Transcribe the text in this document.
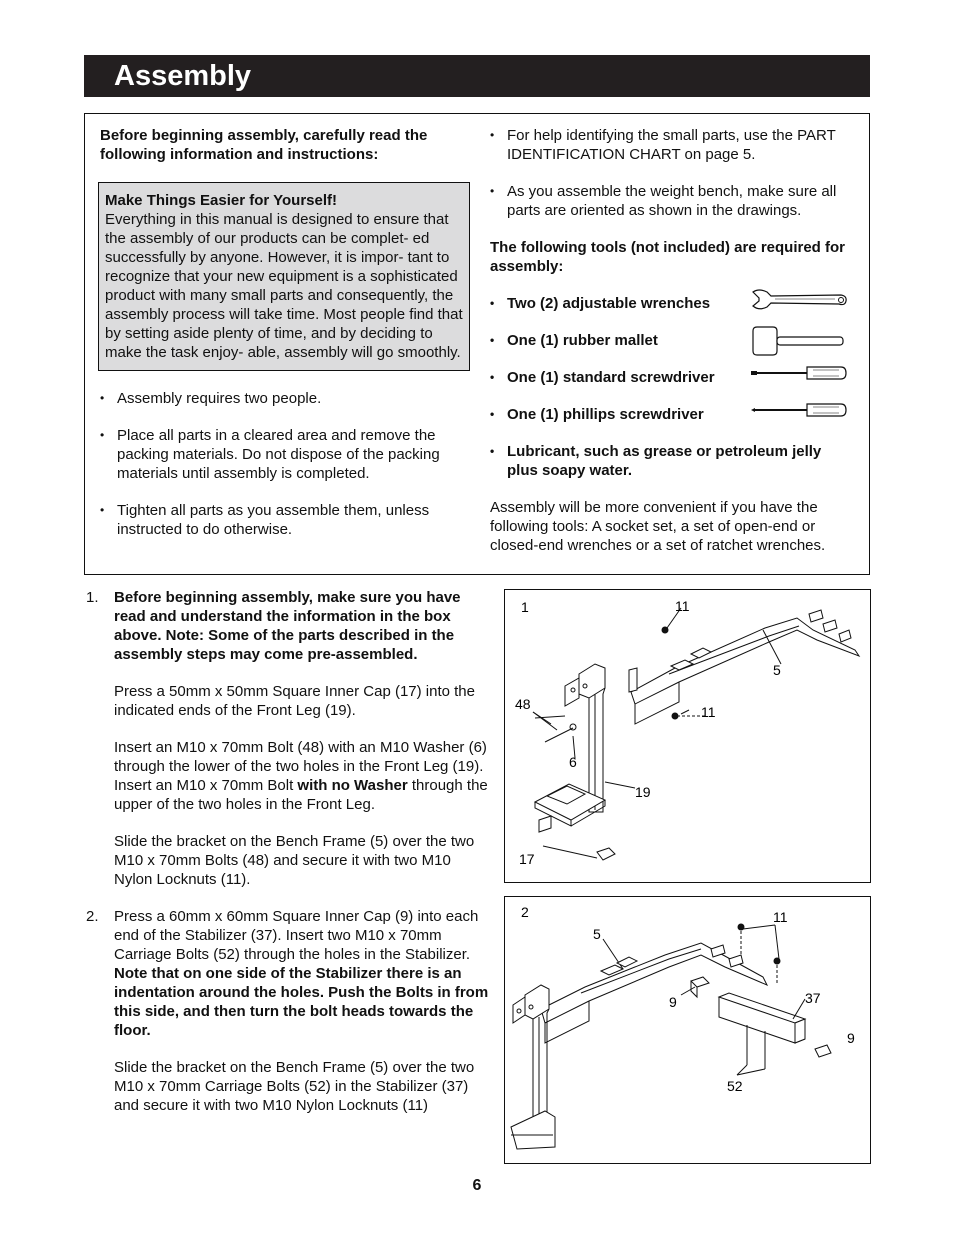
Assembly

Before beginning assembly, carefully read the following information and instructions:

Make Things Easier for Yourself!
Everything in this manual is designed to ensure that the assembly of our products can be complet- ed successfully by anyone. However, it is impor- tant to recognize that your new equipment is a sophisticated product with many small parts and consequently, the assembly process will take time. Most people find that by setting aside plenty of time, and by deciding to make the task enjoy- able, assembly will go smoothly.
• Assembly requires two people.
• Place all parts in a cleared area and remove the packing materials. Do not dispose of the packing materials until assembly is completed.
• Tighten all parts as you assemble them, unless instructed to do otherwise.
• For help identifying the small parts, use the PART IDENTIFICATION CHART on page 5.
• As you assemble the weight bench, make sure all parts are oriented as shown in the drawings.

The following tools (not included) are required for assembly:

• Two (2) adjustable wrenches
• One (1) rubber mallet
• One (1) standard screwdriver
• One (1) phillips screwdriver
• Lubricant, such as grease or petroleum jelly plus soapy water.

Assembly will be more convenient if you have the following tools: A socket set, a set of open-end or closed-end wrenches or a set of ratchet wrenches.

1. Before beginning assembly, make sure you have read and understand the information in the box above. Note: Some of the parts described in the assembly steps may come pre-assembled.

Press a 50mm x 50mm Square Inner Cap (17) into the indicated ends of the Front Leg (19).

Insert an M10 x 70mm Bolt (48) with an M10 Washer (6) through the lower of the two holes in the Front Leg (19). Insert an M10 x 70mm Bolt with no Washer through the upper of the two holes in the Front Leg.

Slide the bracket on the Bench Frame (5) over the two M10 x 70mm Bolts (48) and secure it with two M10 Nylon Locknuts (11).

2. Press a 60mm x 60mm Square Inner Cap (9) into each end of the Stabilizer (37). Insert two M10 x 70mm Carriage Bolts (52) through the holes in the Stabilizer. Note that on one side of the Stabilizer there is an indentation around the holes. Push the Bolts in from this side, and then turn the bolt heads towards the floor.

Slide the bracket on the Bench Frame (5) over the two M10 x 70mm Carriage Bolts (52) in the Stabilizer (37) and secure it with two M10 Nylon Locknuts (11)

1	11
5
48	11
6
19
17
2
5
11
9	37
9
52
6
